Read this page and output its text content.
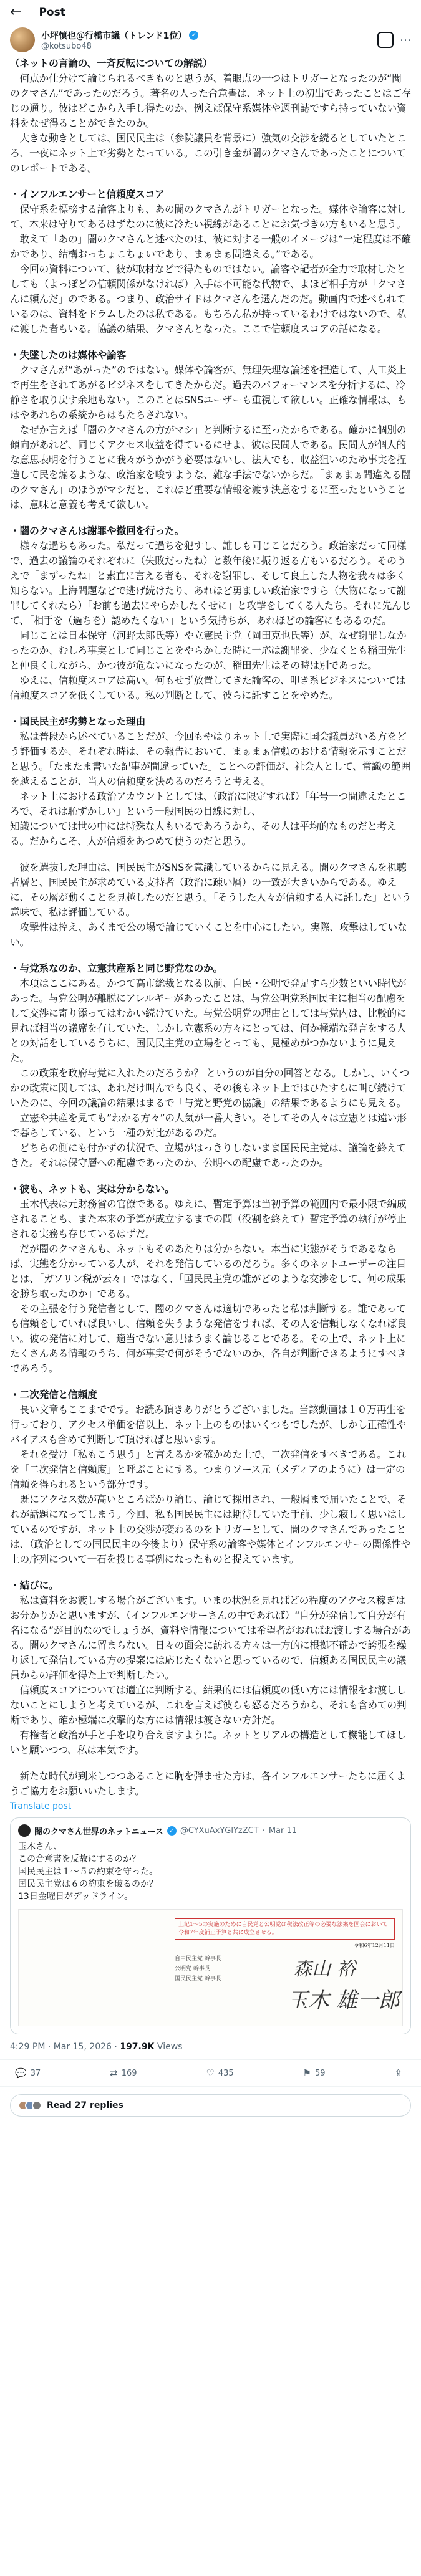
← Post
小坪慎也＠行橋市議（トレンド1位） ✓
@kotsubo48	⋯

（ネットの言論の、一斉反転についての解説）

　何点か仕分けて論じられるべきものと思うが、着眼点の一つはトリガーとなったのが“闇のクマさん”であったのだろう。著名の人った合意書は、ネット上の初出であったことはご存じの通り。彼はどこから入手し得たのか、例えば保守系媒体や週刊誌ですら持っていない資料をなぜ得ることができたのか。

　大きな動きとしては、国民民主は（参院議員を背景に）強気の交渉を続るとしていたところ、一夜にネット上で劣勢となっている。この引き金が闇のクマさんであったことについてのレポートである。

・インフルエンサーと信頼度スコア

　保守系を標榜する論客よりも、あの闇のクマさんがトリガーとなった。媒体や論客に対して、本来は守りてあるはずなのに彼に冷たい視線があることにお気づきの方もいると思う。

　敢えて「あの」闇のクマさんと述べたのは、彼に対する一般のイメージは“一定程度は不確かであり、結構おっちょこちょいであり、まぁまぁ問違える。”である。

　今回の資料について、彼が取材などで得たものではない。論客や記者が全力で取材したとしても（よっぽどの信頼関係がなければ）入手は不可能な代物で、よほど相手方が「クマさんに頼んだ」のである。つまり、政治サイドはクマさんを選んだのだ。動画内で述べられているのは、資料をドラムしたのは私である。もちろん私が持っているわけではないので、私に渡した者もいる。協議の結果、クマさんとなった。ここで信頼度スコアの話になる。

・失墜したのは媒体や論客

　クマさんが“あがった”のではない。媒体や論客が、無理矢理な論述を捏造して、人工炎上で再生をされてあがるビジネスをしてきたからだ。過去のパフォーマンスを分析するに、冷静さを取り戻す余地もない。このことはSNSユーザーも重視して欲しい。正確な情報は、もはやあれらの系統からはもたらされない。

　なぜか言えば「闇のクマさんの方がマシ」と判断するに至ったからである。確かに個別の傾向があれど、同じくアクセス収益を得ているにせよ、彼は民間人である。民間人が個人的な意思表明を行うことに我々がうかがう必要はないし、法人でも、収益狙いのため事実を捏造して民を煽るような、政治家を唆すような、雑な手法でないからだ。「まぁまぁ間違える闇のクマさん」のほうがマシだと、これほど重要な情報を渡す決意をするに至ったということは、意味と意義も考えて欲しい。

・闇のクマさんは謝罪や撤回を行った。

　様々な過ちもあった。私だって過ちを犯すし、誰しも同じことだろう。政治家だって同様で、過去の議論のそれぞれに（失敗だったね）と数年後に振り返る方もいるだろう。そのうえで「まずったね」と素直に言える者も、それを謝罪し、そして良上した人物を我々は多く知らない。上海問題などで逃げ続けたり、あれほど勇ましい政治家ですら（大物になって謝罪してくれたら）「お前も過去にやらかしたくせに」と攻撃をしてくる人たち。それに先んじて、「相手を（過ちを）認めたくない」という気持ちが、あれほどの論客にもあるのだ。

　同じことは日本保守（河野太郎氏等）や立憲民主党（岡田克也氏等）が、なぜ謝罪しなかったのか、むしろ事実として同じことをやらかした時に一応は謝罪を、少なくとも稲田先生と仲良くしながら、かつ彼が危ないになったのが、稲田先生はその時は別であった。

　ゆえに、信頼度スコアは高い。何もせず放置してきた論客の、叩き系ビジネスについては信頼度スコアを低くしている。私の判断として、彼らに託すことをやめた。

・国民民主が劣勢となった理由

　私は普段から述べていることだが、今回もやはりネット上で実際に国会議員がいる方をどう評価するか、それぞれ時は、その報告において、まぁまぁ信頼のおける情報を示すことだと思う。「たまたま書いた記事が間違っていた」ことへの評価が、社会人として、常識の範囲を越えることが、当人の信頼度を決めるのだろうと考える。

　ネット上における政治アカウントとしては、（政治に限定すれば）「年号一つ間違えたところで、それは恥ずかしい」という一般国民の目線に対し、

知識については世の中には特殊な人もいるであろうから、その人は平均的なものだと考える。だからこそ、人が信頼をあつめて使うのだと思う。

　彼を選抜した理由は、国民民主がSNSを意識しているからに見える。闇のクマさんを視聴者層と、国民民主が求めている支持者（政治に疎い層）の一致が大きいからである。ゆえに、その層が動くことを見越したのだと思う。「そうした人々が信頼する人に託した」という意味で、私は評価している。

　攻撃性は控え、あくまで公の場で論じていくことを中心にしたい。実際、攻撃はしていない。

・与党系なのか、立憲共産系と同じ野党なのか。

　本項はここにある。かつて高市総裁となる以前、自民・公明で発足すら少数といい時代があった。与党公明が離脱にアレルギーがあったことは、与党公明党系国民主に相当の配慮をして交渉に寄り添ってはむかい続けていた。与党公明党の理由としては与党内は、比較的に見れば相当の議席を有していた、しかし立憲系の方々にとっては、何か極端な発言をする人との対話をしているうちに、国民民主党の立場をとっても、見極めがつかないように見えた。

　この政策を政府与党に入れたのだろうか？ というのが自分の回答となる。しかし、いくつかの政策に関しては、あれだけ叫んでも良く、その後もネット上ではひたすらに叫び続けていたのに、今回の議論の結果はまるで「与党と野党の協議」の結果であるようにも見える。

　立憲や共産を見ても”わかる方々”の人気が一番大きい。そしてその人々は立憲とは遠い形で暮らしている、という一種の対比があるのだ。

　どちらの側にも付かずの状況で、立場がはっきりしないまま国民民主党は、議論を終えてきた。それは保守層への配慮であったのか、公明への配慮であったのか。

・彼も、ネットも、実は分からない。

　玉木代表は元財務省の官僚である。ゆえに、暫定予算は当初予算の範囲内で最小限で編成されることも、また本来の予算が成立するまでの間（役割を終えて）暫定予算の執行が停止される実務も存じているはずだ。

　だが闇のクマさんも、ネットもそのあたりは分からない。本当に実態がそうであるならば、実態を分かっている人が、それを発信しているのだろう。多くのネットユーザーの注目とは、「ガソリン税が云々」ではなく、「国民民主党の誰がどのような交渉をして、何の成果を勝ち取ったのか」である。

　その主張を行う発信者として、闇のクマさんは適切であったと私は判断する。誰であっても信頼をしていれば良いし、信頼を失うような発信をすれば、その人を信頼しなくなれば良い。彼の発信に対して、適当でない意見はうまく論じることである。その上で、ネット上にたくさんある情報のうち、何が事実で何がそうでないのか、各自が判断できるようにすべきであろう。

・二次発信と信頼度

　長い文章もここまでです。お読み頂きありがとうございました。当該動画は１０万再生を行っており、アクセス単価を倍以上、ネット上のものはいくつもでしたが、しかし正確性やバイアスも含めて判断して頂ければと思います。

　それを受け「私もこう思う」と言えるかを確かめた上で、二次発信をすべきである。これを「二次発信と信頼度」と呼ぶことにする。つまりソース元（メディアのように）は一定の信頼を得られるという部分です。

　既にアクセス数が高いところばかり論じ、論じて採用され、一般層まで届いたことで、それが話題になってしまう。今回、私も国民民主には期待していた手前、少し寂しく思いはしているのですが、ネット上の交渉が変わるのをトリガーとして、闇のクマさんであったことは、（政治としての国民民主の今後より）保守系の論客や媒体とインフルエンサーの関係性や上の序列について一石を投じる事例になったものと捉えています。

・結びに。

　私は資料をお渡しする場合がございます。いまの状況を見ればどの程度のアクセス稼ぎはお分かりかと思いますが、（インフルエンサーさんの中であれば）“自分が発信して自分が有名になる”が目的なのでしょうが、資料や情報については希望者がおればお渡しする場合がある。闇のクマさんに留まらない。日々の面会に訪れる方々は一方的に根拠不確かで誇張を繰り返して発信している方の提案には応じたくないと思っているので、信頼ある国民民主の議員からの評価を得た上で判断したい。

　信頼度スコアについては適宜に判断する。結果的には信頼度の低い方には情報をお渡ししないことにしようと考えているが、これを言えば彼らも怒るだろうから、それも含めての判断であり、確か極端に攻撃的な方には情報は渡さない方針だ。

　有権者と政治が手と手を取り合えますように。ネットとリアルの構造として機能してほしいと願いつつ、私は本気です。

　新たな時代が到来しつつあることに胸を弾ませた方は、各インフルエンサーたちに届くようご協力をお願いいたします。

Translate post
闇のクマさん世界のネットニュース ✓ @CYXuAxYGlYzZCT · Mar 11
玉木さん、
この合意書を反故にするのか？
国民民主は１〜５の約束を守った。
国民民主党は６の約束を破るのか？
13日金曜日がデッドライン。
上記1〜5の実施のために自民党と公明党は税法改正等の必要な法案を国会において令和7年度補正予算と共に成立させる。
令和6年12月11日
自由民主党 幹事長
公明党 幹事長
国民民主党 幹事長	森山 裕
玉木 雄一郎
4:29 PM · Mar 15, 2026 · 197.9K Views
💬 37	⇄ 169	♡ 435	⚑ 59	⇪
Read 27 replies
